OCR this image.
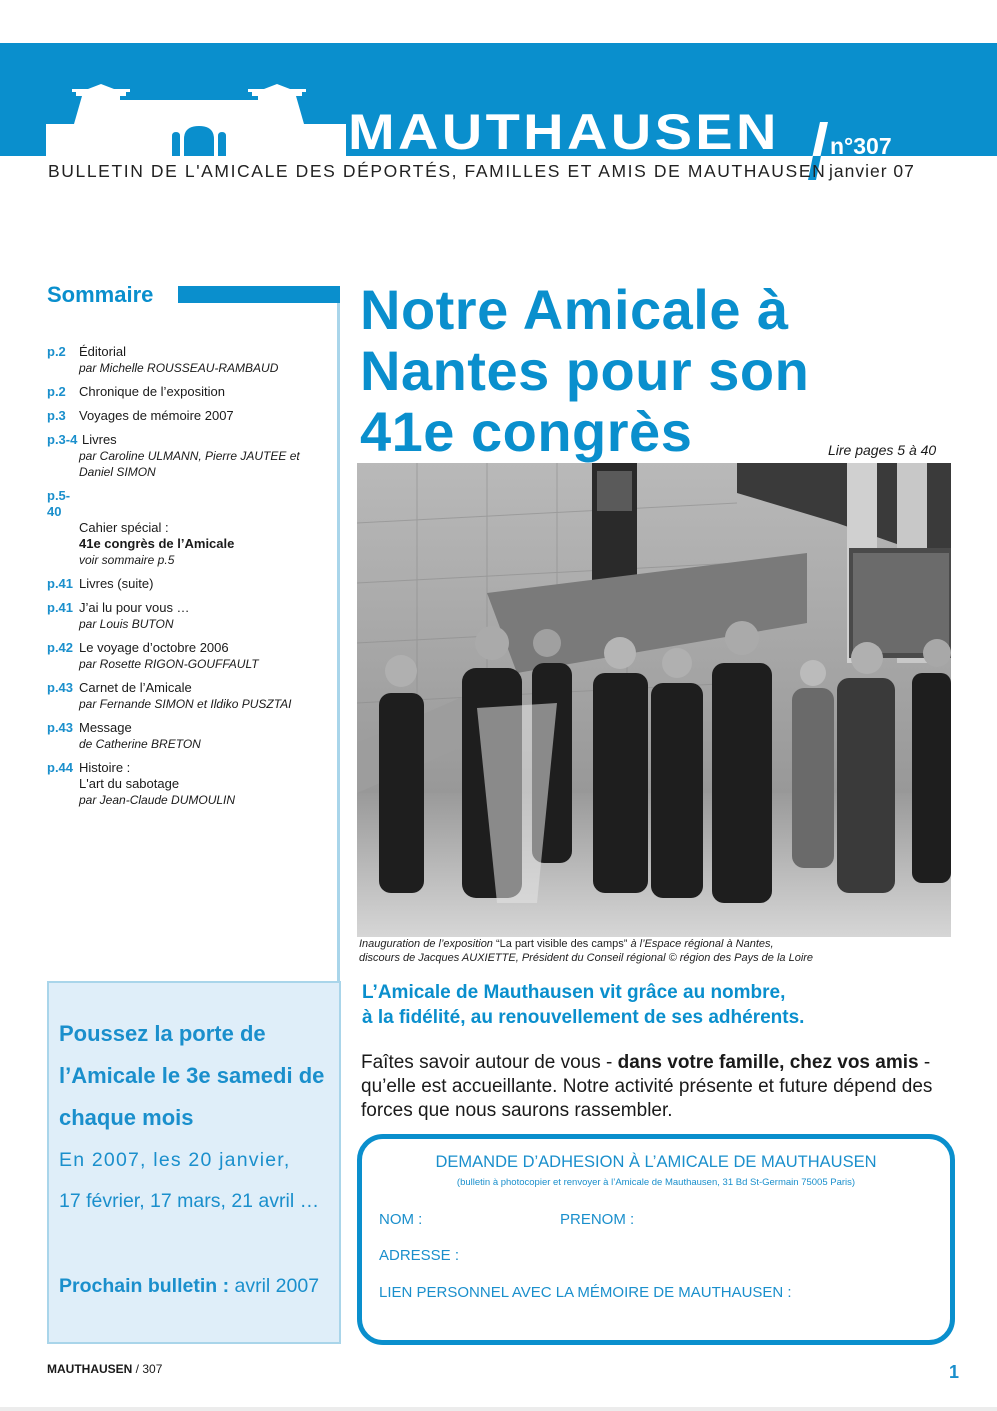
MAUTHAUSEN n°307
BULLETIN DE L'AMICALE DES DÉPORTÉS, FAMILLES ET AMIS DE MAUTHAUSEN janvier 07
Sommaire
p.2	Éditorial
par Michelle ROUSSEAU-RAMBAUD
p.2	Chronique de l’exposition
p.3	Voyages de mémoire 2007
p.3-4 Livres
par Caroline ULMANN, Pierre JAUTEE et Daniel SIMON
p.5-40
Cahier spécial :
41e congrès de l’Amicale
voir sommaire p.5
p.41 Livres (suite)
p.41 J’ai lu pour vous …
par Louis BUTON
p.42 Le voyage d’octobre 2006
par Rosette RIGON-GOUFFAULT
p.43 Carnet de l’Amicale
par Fernande SIMON et Ildiko PUSZTAI
p.43 Message
de Catherine BRETON
p.44 Histoire :
L'art du sabotage
par Jean-Claude DUMOULIN
Notre Amicale à
Nantes pour son
41e congrès	Lire pages 5 à 40
Inauguration de l’exposition “La part visible des camps” à l’Espace régional à Nantes,
discours de Jacques AUXIETTE, Président du Conseil régional © région des Pays de la Loire
L’Amicale de Mauthausen vit grâce au nombre,
à la fidélité, au renouvellement de ses adhérents.
Faîtes savoir autour de vous - dans votre famille, chez vos amis - qu’elle est accueillante. Notre activité présente et future dépend des forces que nous saurons rassembler.
DEMANDE D’ADHESION À L’AMICALE DE MAUTHAUSEN
(bulletin à photocopier et renvoyer à l’Amicale de Mauthausen, 31 Bd St-Germain 75005 Paris)
NOM :	PRENOM :
ADRESSE :
LIEN PERSONNEL AVEC LA MÉMOIRE DE MAUTHAUSEN :
Poussez la porte de l’Amicale le 3e samedi de chaque mois
En 2007, les 20 janvier,
17 février, 17 mars, 21 avril …
Prochain bulletin : avril 2007
MAUTHAUSEN / 307	1
